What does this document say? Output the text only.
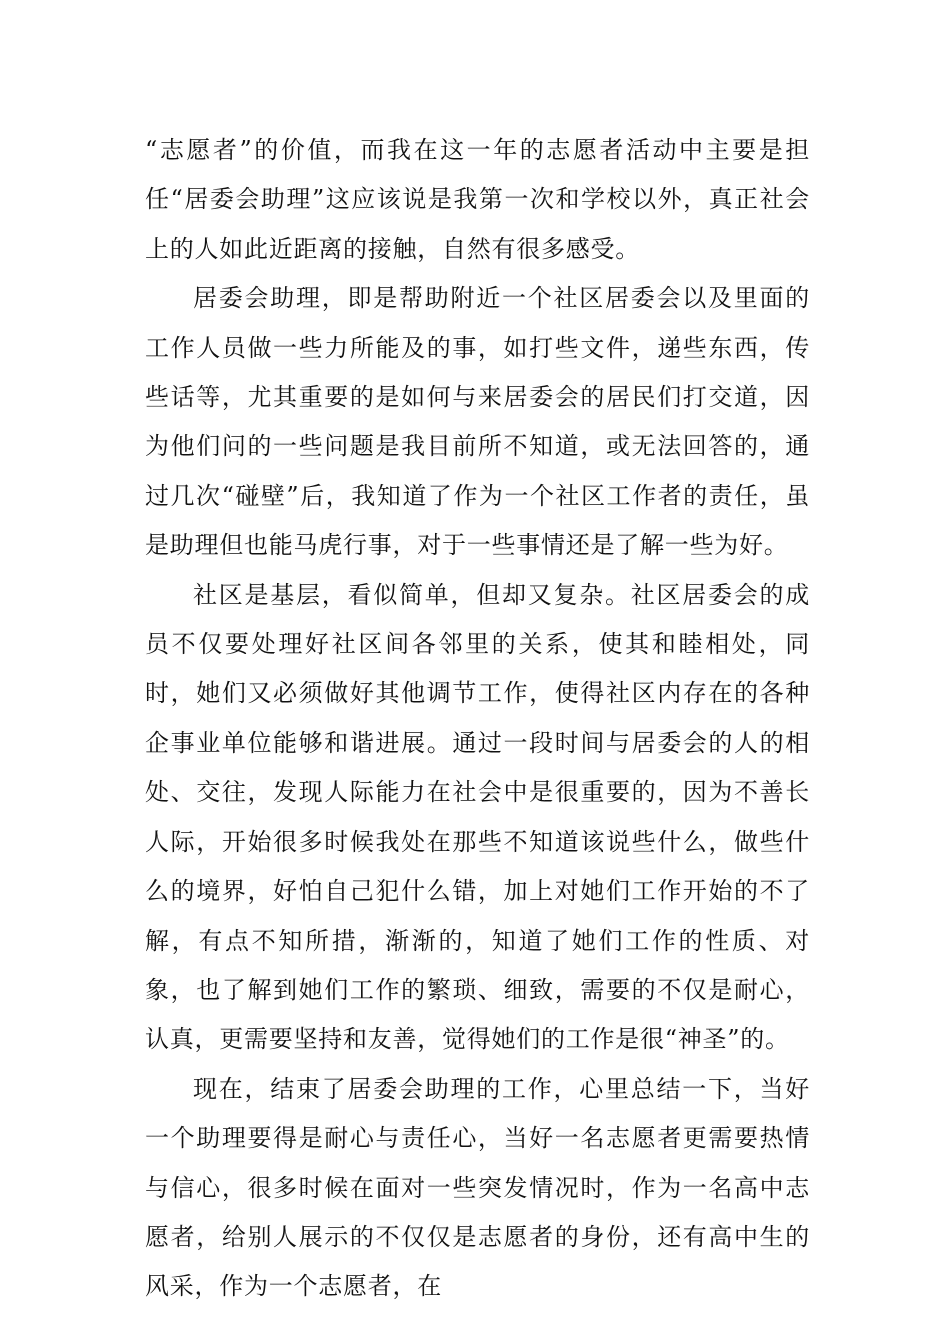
“志愿者”的价值，而我在这一年的志愿者活动中主要是担任“居委会助理”这应该说是我第一次和学校以外，真正社会上的人如此近距离的接触，自然有很多感受。

居委会助理，即是帮助附近一个社区居委会以及里面的工作人员做一些力所能及的事，如打些文件，递些东西，传些话等，尤其重要的是如何与来居委会的居民们打交道，因为他们问的一些问题是我目前所不知道，或无法回答的，通过几次“碰壁”后，我知道了作为一个社区工作者的责任，虽是助理但也能马虎行事，对于一些事情还是了解一些为好。

社区是基层，看似简单，但却又复杂。社区居委会的成员不仅要处理好社区间各邻里的关系，使其和睦相处，同时，她们又必须做好其他调节工作，使得社区内存在的各种企事业单位能够和谐进展。通过一段时间与居委会的人的相处、交往，发现人际能力在社会中是很重要的，因为不善长人际，开始很多时候我处在那些不知道该说些什么，做些什么的境界，好怕自己犯什么错，加上对她们工作开始的不了解，有点不知所措，渐渐的，知道了她们工作的性质、对象，也了解到她们工作的繁琐、细致，需要的不仅是耐心，认真，更需要坚持和友善，觉得她们的工作是很“神圣”的。

现在，结束了居委会助理的工作，心里总结一下，当好一个助理要得是耐心与责任心，当好一名志愿者更需要热情与信心，很多时候在面对一些突发情况时，作为一名高中志愿者，给别人展示的不仅仅是志愿者的身份，还有高中生的风采，作为一个志愿者，在
